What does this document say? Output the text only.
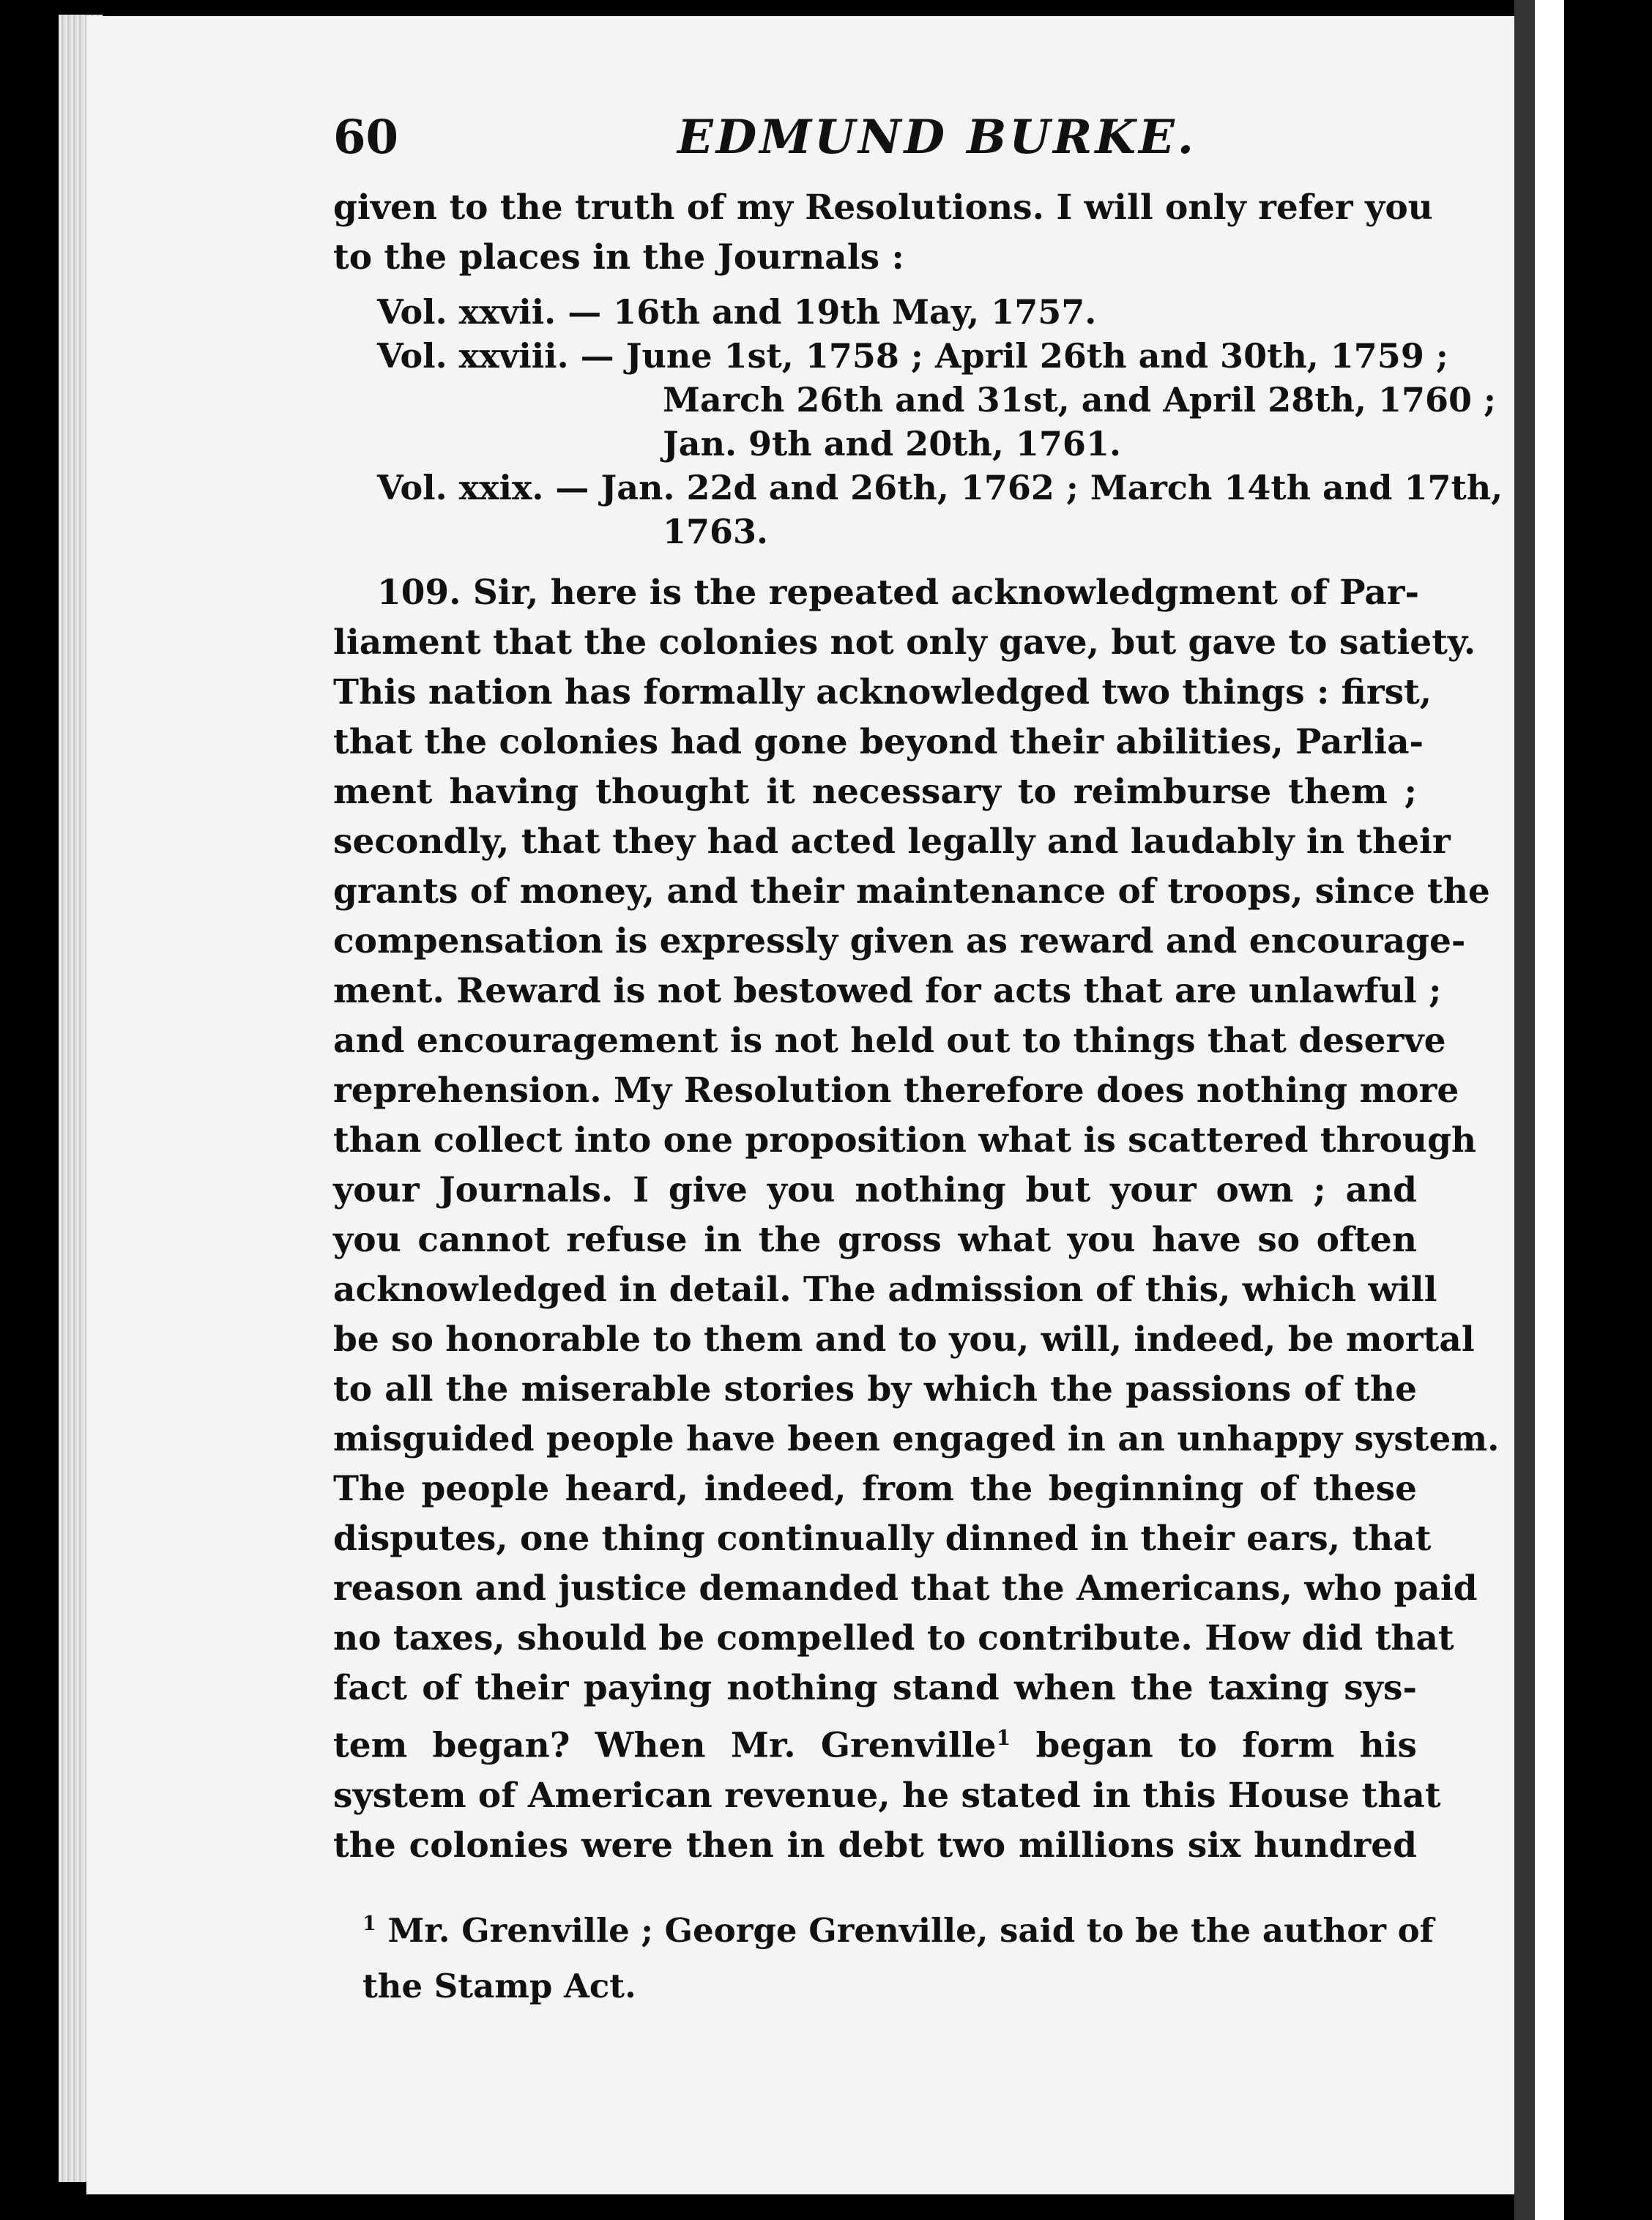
60	EDMUND BURKE.
given to the truth of my Resolutions. I will only refer you
to the places in the Journals :
Vol. xxvii. — 16th and 19th May, 1757.
Vol. xxviii. — June 1st, 1758 ; April 26th and 30th, 1759 ;
March 26th and 31st, and April 28th, 1760 ;
Jan. 9th and 20th, 1761.
Vol. xxix. — Jan. 22d and 26th, 1762 ; March 14th and 17th,
1763.
109. Sir, here is the repeated acknowledgment of Par-
liament that the colonies not only gave, but gave to satiety.
This nation has formally acknowledged two things : first,
that the colonies had gone beyond their abilities, Parlia-
ment having thought it necessary to reimburse them ;
secondly, that they had acted legally and laudably in their
grants of money, and their maintenance of troops, since the
compensation is expressly given as reward and encourage-
ment. Reward is not bestowed for acts that are unlawful ;
and encouragement is not held out to things that deserve
reprehension. My Resolution therefore does nothing more
than collect into one proposition what is scattered through
your Journals. I give you nothing but your own ; and
you cannot refuse in the gross what you have so often
acknowledged in detail. The admission of this, which will
be so honorable to them and to you, will, indeed, be mortal
to all the miserable stories by which the passions of the
misguided people have been engaged in an unhappy system.
The people heard, indeed, from the beginning of these
disputes, one thing continually dinned in their ears, that
reason and justice demanded that the Americans, who paid
no taxes, should be compelled to contribute. How did that
fact of their paying nothing stand when the taxing sys-
tem began? When Mr. Grenville$^1$ began to form his
system of American revenue, he stated in this House that
the colonies were then in debt two millions six hundred
$^1$ Mr. Grenville ; George Grenville, said to be the author of
the Stamp Act.
